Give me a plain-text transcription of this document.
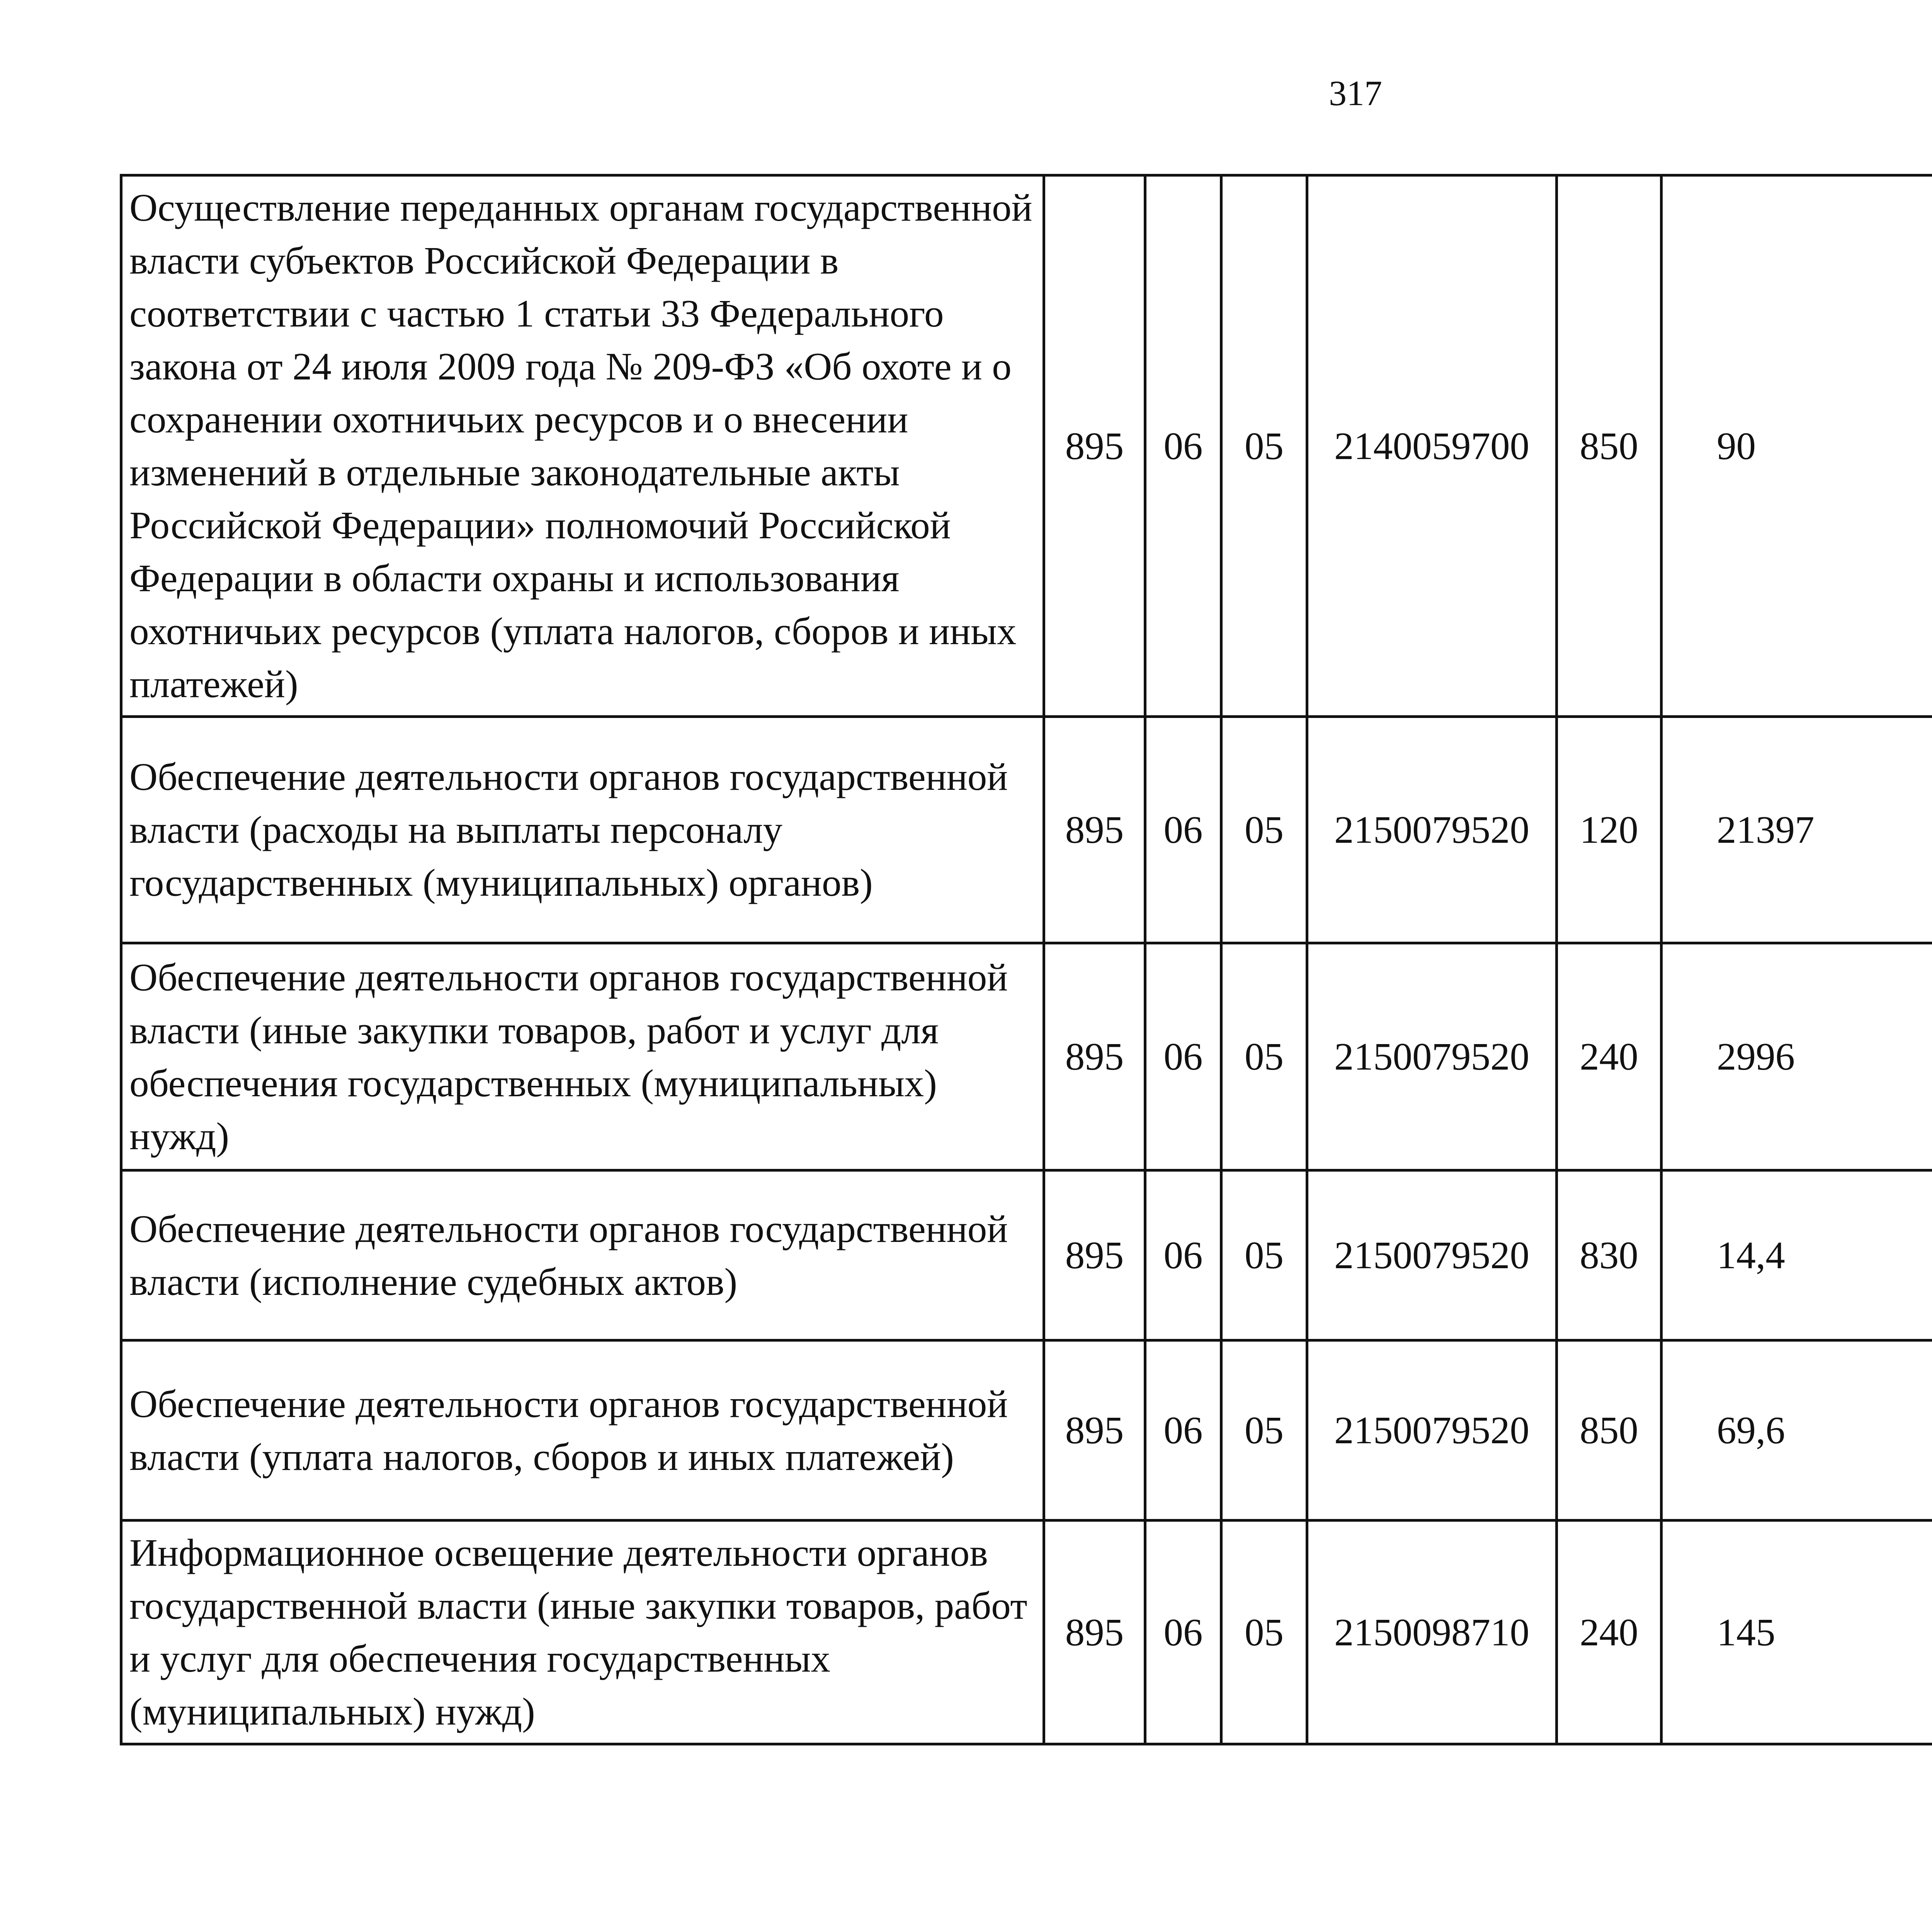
317
Осуществление переданных органам государственной власти субъектов Российской Федерации в соответствии с частью 1 статьи 33 Федерального закона от 24 июля 2009 года № 209-ФЗ «Об охоте и о сохранении охотничьих ресурсов и о внесении изменений в отдельные законодательные акты Российской Федерации» полномочий Российской Федерации в области охраны и использования охотничьих ресурсов (уплата налогов, сборов и иных платежей)	895	06	05	2140059700	850	90		
Обеспечение деятельности органов государственной власти (расходы на выплаты персоналу государственных (муниципальных) органов)	895	06	05	2150079520	120	21397		
Обеспечение деятельности органов государственной власти (иные закупки товаров, работ и услуг для обеспечения государственных (муниципальных) нужд)	895	06	05	2150079520	240	2996		
Обеспечение деятельности органов государственной власти (исполнение судебных актов)	895	06	05	2150079520	830	14,4		
Обеспечение деятельности органов государственной власти (уплата налогов, сборов и иных платежей)	895	06	05	2150079520	850	69,6		
Информационное освещение деятельности органов государственной власти (иные закупки товаров, работ и услуг для обеспечения государственных (муниципальных) нужд)	895	06	05	2150098710	240	145		
